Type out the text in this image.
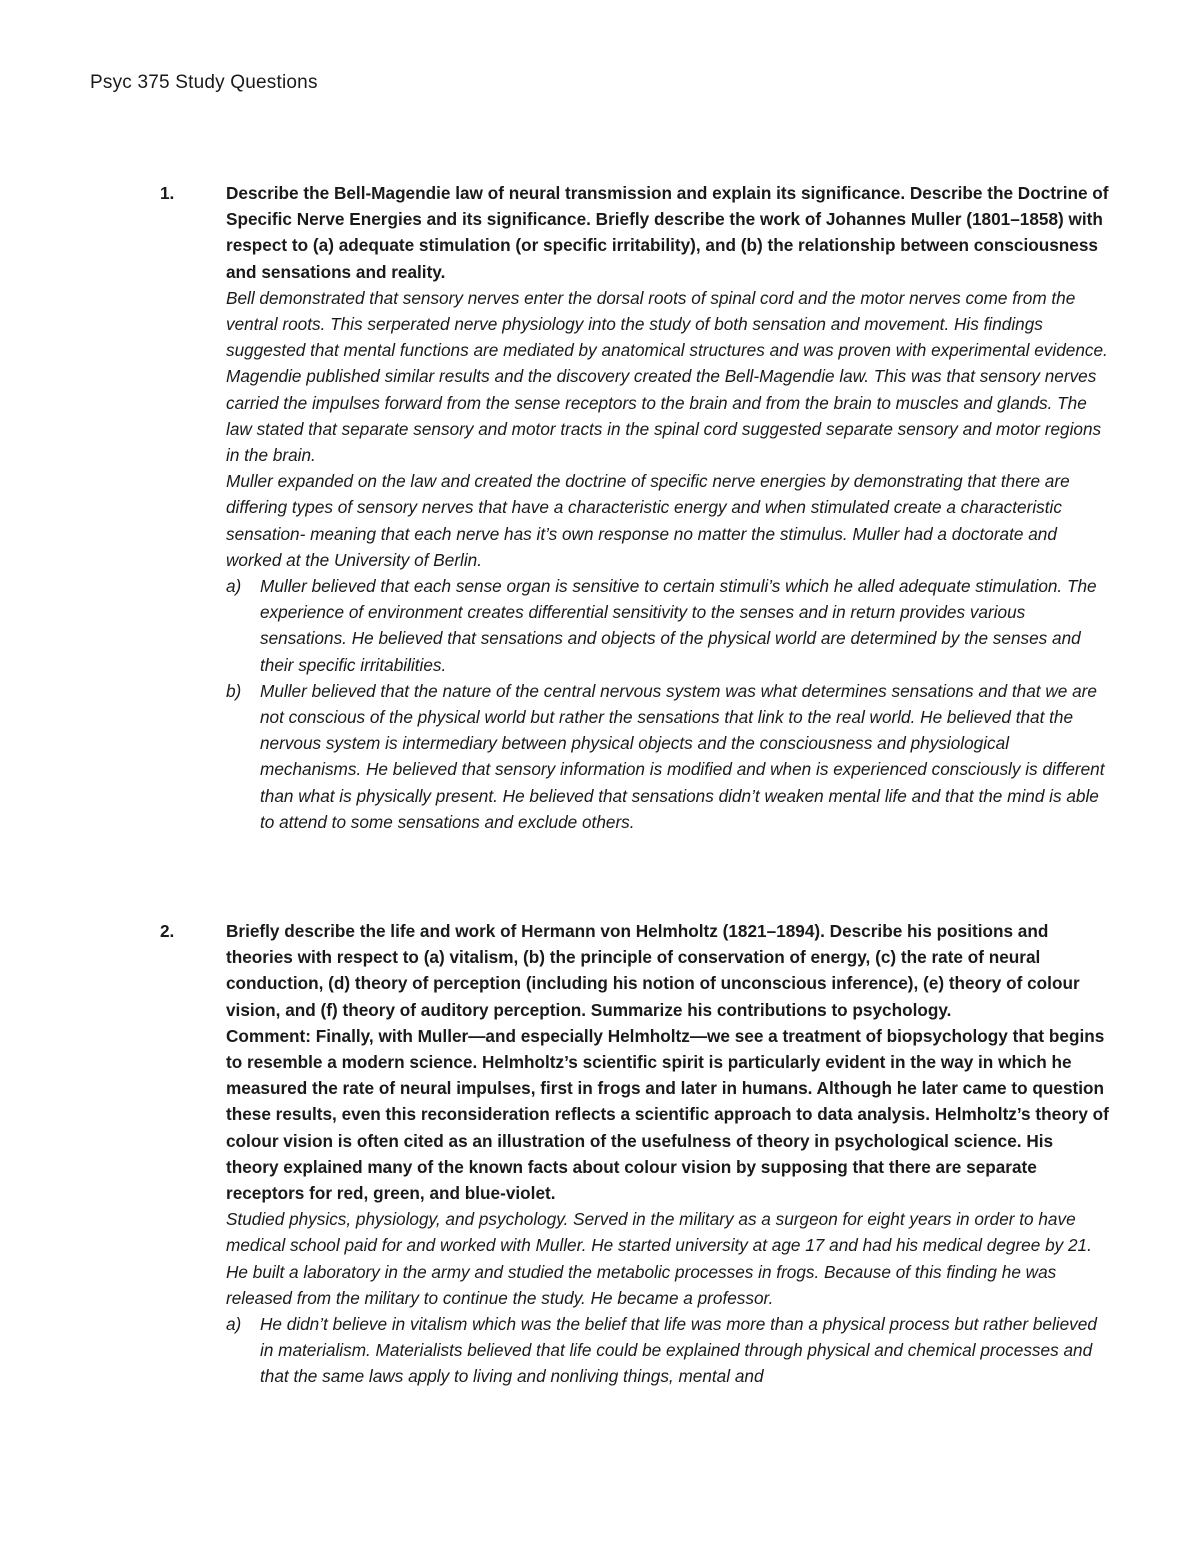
Psyc 375 Study Questions
1.	Describe the Bell-Magendie law of neural transmission and explain its significance. Describe the Doctrine of Specific Nerve Energies and its significance. Briefly describe the work of Johannes Muller (1801–1858) with respect to (a) adequate stimulation (or specific irritability), and (b) the relationship between consciousness and sensations and reality.

Bell demonstrated that sensory nerves enter the dorsal roots of spinal cord and the motor nerves come from the ventral roots. This serperated nerve physiology into the study of both sensation and movement. His findings suggested that mental functions are mediated by anatomical structures and was proven with experimental evidence. Magendie published similar results and the discovery created the Bell-Magendie law. This was that sensory nerves carried the impulses forward from the sense receptors to the brain and from the brain to muscles and glands. The law stated that separate sensory and motor tracts in the spinal cord suggested separate sensory and motor regions in the brain.

Muller expanded on the law and created the doctrine of specific nerve energies by demonstrating that there are differing types of sensory nerves that have a characteristic energy and when stimulated create a characteristic sensation- meaning that each nerve has it’s own response no matter the stimulus. Muller had a doctorate and worked at the University of Berlin.

a) Muller believed that each sense organ is sensitive to certain stimuli’s which he alled adequate stimulation. The experience of environment creates differential sensitivity to the senses and in return provides various sensations. He believed that sensations and objects of the physical world are determined by the senses and their specific irritabilities.
b) Muller believed that the nature of the central nervous system was what determines sensations and that we are not conscious of the physical world but rather the sensations that link to the real world. He believed that the nervous system is intermediary between physical objects and the consciousness and physiological mechanisms. He believed that sensory information is modified and when is experienced consciously is different than what is physically present. He believed that sensations didn’t weaken mental life and that the mind is able to attend to some sensations and exclude others.
2.	Briefly describe the life and work of Hermann von Helmholtz (1821–1894). Describe his positions and theories with respect to (a) vitalism, (b) the principle of conservation of energy, (c) the rate of neural conduction, (d) theory of perception (including his notion of unconscious inference), (e) theory of colour vision, and (f) theory of auditory perception. Summarize his contributions to psychology.

Comment: Finally, with Muller—and especially Helmholtz—we see a treatment of biopsychology that begins to resemble a modern science. Helmholtz’s scientific spirit is particularly evident in the way in which he measured the rate of neural impulses, first in frogs and later in humans. Although he later came to question these results, even this reconsideration reflects a scientific approach to data analysis. Helmholtz’s theory of colour vision is often cited as an illustration of the usefulness of theory in psychological science. His theory explained many of the known facts about colour vision by supposing that there are separate receptors for red, green, and blue-violet.

Studied physics, physiology, and psychology. Served in the military as a surgeon for eight years in order to have medical school paid for and worked with Muller. He started university at age 17 and had his medical degree by 21. He built a laboratory in the army and studied the metabolic processes in frogs. Because of this finding he was released from the military to continue the study. He became a professor.

a) He didn’t believe in vitalism which was the belief that life was more than a physical process but rather believed in materialism. Materialists believed that life could be explained through physical and chemical processes and that the same laws apply to living and nonliving things, mental and
